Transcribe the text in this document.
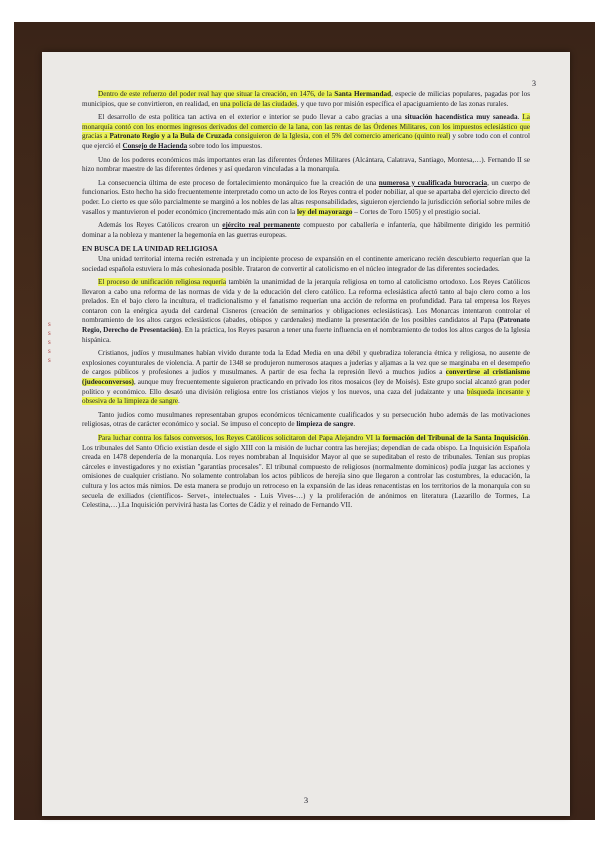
3
s
s
s
s
s

Dentro de este refuerzo del poder real hay que situar la creación, en 1476, de la Santa Hermandad, especie de milicias populares, pagadas por los municipios, que se convirtieron, en realidad, en una policía de las ciudades, y que tuvo por misión específica el apaciguamiento de las zonas rurales.

El desarrollo de esta política tan activa en el exterior e interior se pudo llevar a cabo gracias a una situación hacendística muy saneada. La monarquía contó con los enormes ingresos derivados del comercio de la lana, con las rentas de las Órdenes Militares, con los impuestos eclesiástico que gracias a Patronato Regio y a la Bula de Cruzada consiguieron de la Iglesia, con el 5% del comercio americano (quinto real) y sobre todo con el control que ejerció el Consejo de Hacienda sobre todo los impuestos.

Uno de los poderes económicos más importantes eran las diferentes Órdenes Militares (Alcántara, Calatrava, Santiago, Montesa,…). Fernando II se hizo nombrar maestre de las diferentes órdenes y así quedaron vinculadas a la monarquía.

La consecuencia última de este proceso de fortalecimiento monárquico fue la creación de una numerosa y cualificada burocracia, un cuerpo de funcionarios. Esto hecho ha sido frecuentemente interpretado como un acto de los Reyes contra el poder nobiliar, al que se apartaba del ejercicio directo del poder. Lo cierto es que sólo parcialmente se marginó a los nobles de las altas responsabilidades, siguieron ejerciendo la jurisdicción señorial sobre miles de vasallos y mantuvieron el poder económico (incrementado más aún con la ley del mayorazgo – Cortes de Toro 1505) y el prestigio social.

Además los Reyes Católicos crearon un ejército real permanente compuesto por caballería e infantería, que hábilmente dirigido les permitió dominar a la nobleza y mantener la hegemonía en las guerras europeas.

EN BUSCA DE LA UNIDAD RELIGIOSA

Una unidad territorial interna recién estrenada y un incipiente proceso de expansión en el continente americano recién descubierto requerían que la sociedad española estuviera lo más cohesionada posible. Trataron de convertir al catolicismo en el núcleo integrador de las diferentes sociedades.

El proceso de unificación religiosa requería también la unanimidad de la jerarquía religiosa en torno al catolicismo ortodoxo. Los Reyes Católicos llevaron a cabo una reforma de las normas de vida y de la educación del clero católico. La reforma eclesiástica afectó tanto al bajo clero como a los prelados. En el bajo clero la incultura, el tradicionalismo y el fanatismo requerían una acción de reforma en profundidad. Para tal empresa los Reyes contaron con la enérgica ayuda del cardenal Cisneros (creación de seminarios y obligaciones eclesiásticas). Los Monarcas intentaron controlar el nombramiento de los altos cargos eclesiásticos (abades, obispos y cardenales) mediante la presentación de los posibles candidatos al Papa (Patronato Regio, Derecho de Presentación). En la práctica, los Reyes pasaron a tener una fuerte influencia en el nombramiento de todos los altos cargos de la Iglesia hispánica.

Cristianos, judíos y musulmanes habían vivido durante toda la Edad Media en una débil y quebradiza tolerancia étnica y religiosa, no ausente de explosiones coyunturales de violencia. A partir de 1348 se produjeron numerosos ataques a juderías y aljamas a la vez que se marginaba en el desempeño de cargos públicos y profesiones a judíos y musulmanes. A partir de esa fecha la represión llevó a muchos judíos a convertirse al cristianismo (judeoconversos), aunque muy frecuentemente siguieron practicando en privado los ritos mosaicos (ley de Moisés). Este grupo social alcanzó gran poder político y económico. Ello desató una división religiosa entre los cristianos viejos y los nuevos, una caza del judaizante y una búsqueda incesante y obsesiva de la limpieza de sangre.

Tanto judíos como musulmanes representaban grupos económicos técnicamente cualificados y su persecución hubo además de las motivaciones religiosas, otras de carácter económico y social. Se impuso el concepto de limpieza de sangre.

Para luchar contra los falsos conversos, los Reyes Católicos solicitaron del Papa Alejandro VI la formación del Tribunal de la Santa Inquisición. Los tribunales del Santo Oficio existían desde el siglo XIII con la misión de luchar contra las herejías; dependían de cada obispo. La Inquisición Española creada en 1478 dependería de la monarquía. Los reyes nombraban al Inquisidor Mayor al que se supeditaban el resto de tribunales. Tenían sus propias cárceles e investigadores y no existían "garantías procesales". El tribunal compuesto de religiosos (normalmente dominicos) podía juzgar las acciones y omisiones de cualquier cristiano. No solamente controlaban los actos públicos de herejía sino que llegaron a controlar las costumbres, la educación, la cultura y los actos más nimios. De esta manera se produjo un retroceso en la expansión de las ideas renacentistas en los territorios de la monarquía con su secuela de exiliados (científicos- Servet-, intelectuales - Luis Vives-…) y la proliferación de anónimos en literatura (Lazarillo de Tormes, La Celestina,…).La Inquisición pervivirá hasta las Cortes de Cádiz y el reinado de Fernando VII.

3
